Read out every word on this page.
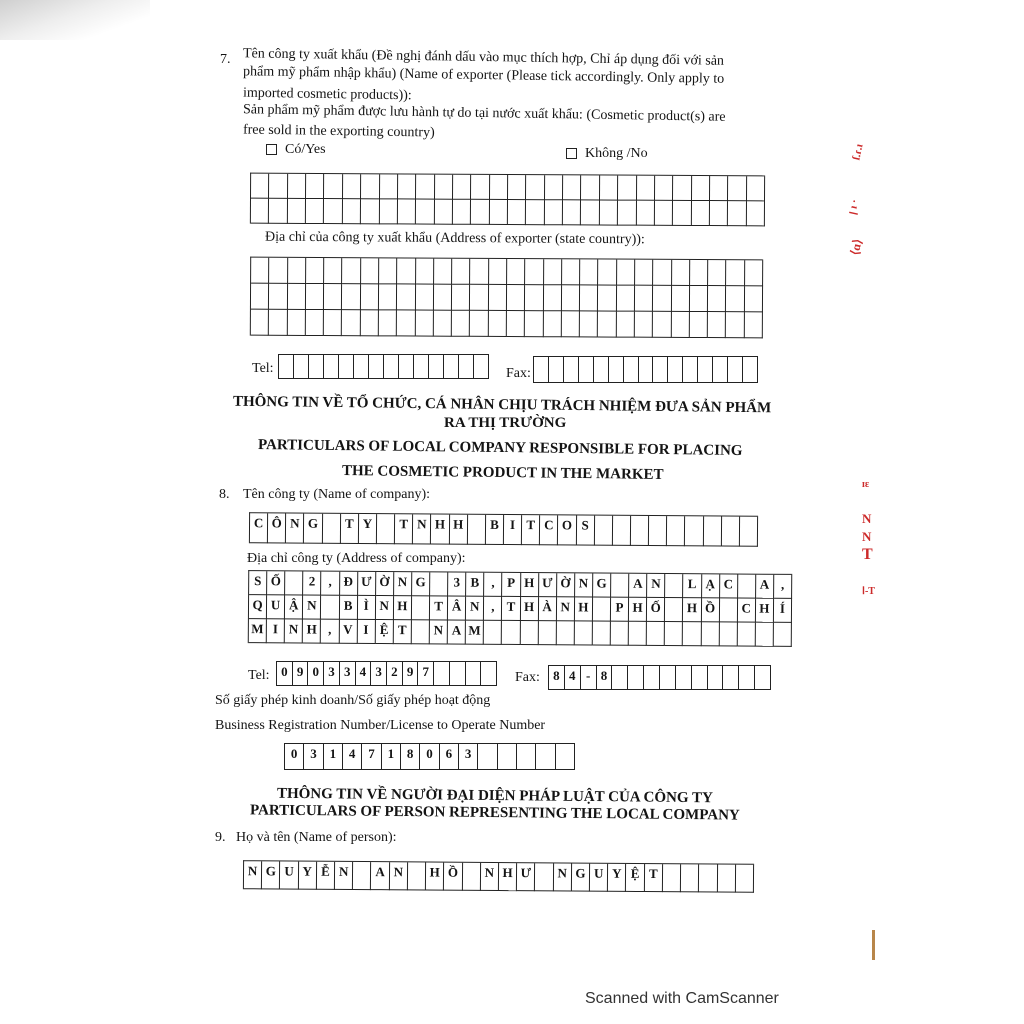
7. Tên công ty xuất khẩu (Đề nghị đánh dấu vào mục thích hợp, Chỉ áp dụng đối với sản
phẩm mỹ phẩm nhập khẩu) (Name of exporter (Please tick accordingly. Only apply to
imported cosmetic products)):
Sản phẩm mỹ phẩm được lưu hành tự do tại nước xuất khẩu: (Cosmetic product(s) are
free sold in the exporting country)
Có/Yes	Không /No
Địa chỉ của công ty xuất khẩu (Address of exporter (state country)):
Tel:	Fax:
THÔNG TIN VỀ TỔ CHỨC, CÁ NHÂN CHỊU TRÁCH NHIỆM ĐƯA SẢN PHẨM
RA THỊ TRƯỜNG
PARTICULARS OF LOCAL COMPANY RESPONSIBLE FOR PLACING
THE COSMETIC PRODUCT IN THE MARKET
8. Tên công ty (Name of company):
C Ô N G	T Y	T N H H	B I T C O S
Địa chỉ công ty (Address of company):
S Ố	2	, Đ Ư Ờ N G	3 B , P H Ư Ờ N G	A N	L Ạ C	A ,
Q U Ậ N	B Ì N H	T Â N , T H À N H	P H Ố	H Ồ	C H Í
M I N H , V I Ệ T	N A M
Tel: 0 9 0 3 3 4 3 2 9 7	Fax:	8 4 - 8
Số giấy phép kinh doanh/Số giấy phép hoạt động
Business Registration Number/License to Operate Number
0 3 1 4 7 1 8 0 6 3
THÔNG TIN VỀ NGƯỜI ĐẠI DIỆN PHÁP LUẬT CỦA CÔNG TY
PARTICULARS OF PERSON REPRESENTING THE LOCAL COMPANY
9. Họ và tên (Name of person):
N G U Y Ễ N	A N	H Ồ	N H Ư	N G U Y Ệ T
ſ.ɾ.ı
ꞁ ı ·
⟨ɑ⟩
ɪɛ
N
N
T
Ⅰ-T
Scanned with CamScanner
